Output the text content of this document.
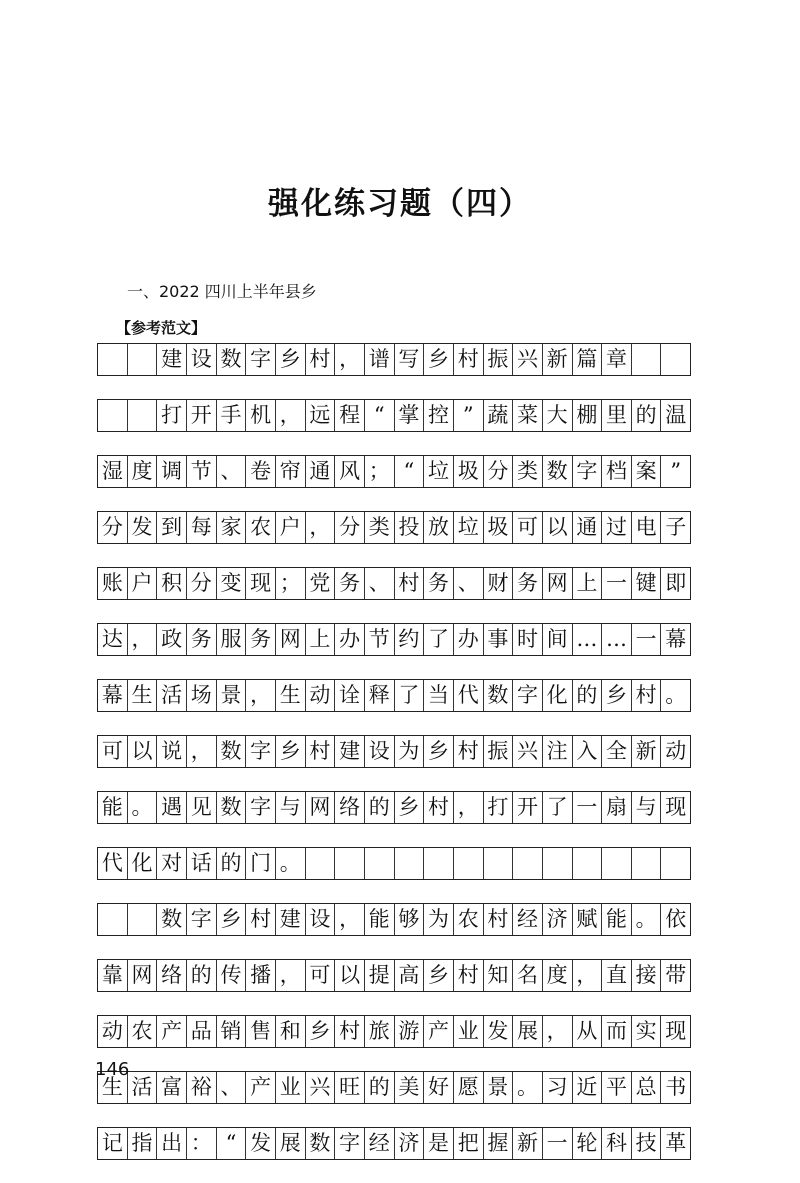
强化练习题（四）
一、2022 四川上半年县乡
【参考范文】
建 设 数 字 乡 村 ， 谱 写 乡 村 振 兴 新 篇 章
打 开 手 机 ， 远 程 “ 掌 控 ” 蔬 菜 大 棚 里 的 温
湿 度 调 节 、 卷 帘 通 风 ； “ 垃 圾 分 类 数 字 档 案 ”
分 发 到 每 家 农 户 ， 分 类 投 放 垃 圾 可 以 通 过 电 子
账 户 积 分 变 现 ； 党 务 、 村 务 、 财 务 网 上 一 键 即
达 ， 政 务 服 务 网 上 办 节 约 了 办 事 时 间 … … 一 幕
幕 生 活 场 景 ， 生 动 诠 释 了 当 代 数 字 化 的 乡 村 。
可 以 说 ， 数 字 乡 村 建 设 为 乡 村 振 兴 注 入 全 新 动
能 。 遇 见 数 字 与 网 络 的 乡 村 ， 打 开 了 一 扇 与 现
代 化 对 话 的 门 。
数 字 乡 村 建 设 ， 能 够 为 农 村 经 济 赋 能 。 依
靠 网 络 的 传 播 ， 可 以 提 高 乡 村 知 名 度 ， 直 接 带
动 农 产 品 销 售 和 乡 村 旅 游 产 业 发 展 ， 从 而 实 现
生 活 富 裕 、 产 业 兴 旺 的 美 好 愿 景 。 习 近 平 总 书
记 指 出 ： “ 发 展 数 字 经 济 是 把 握 新 一 轮 科 技 革
146
